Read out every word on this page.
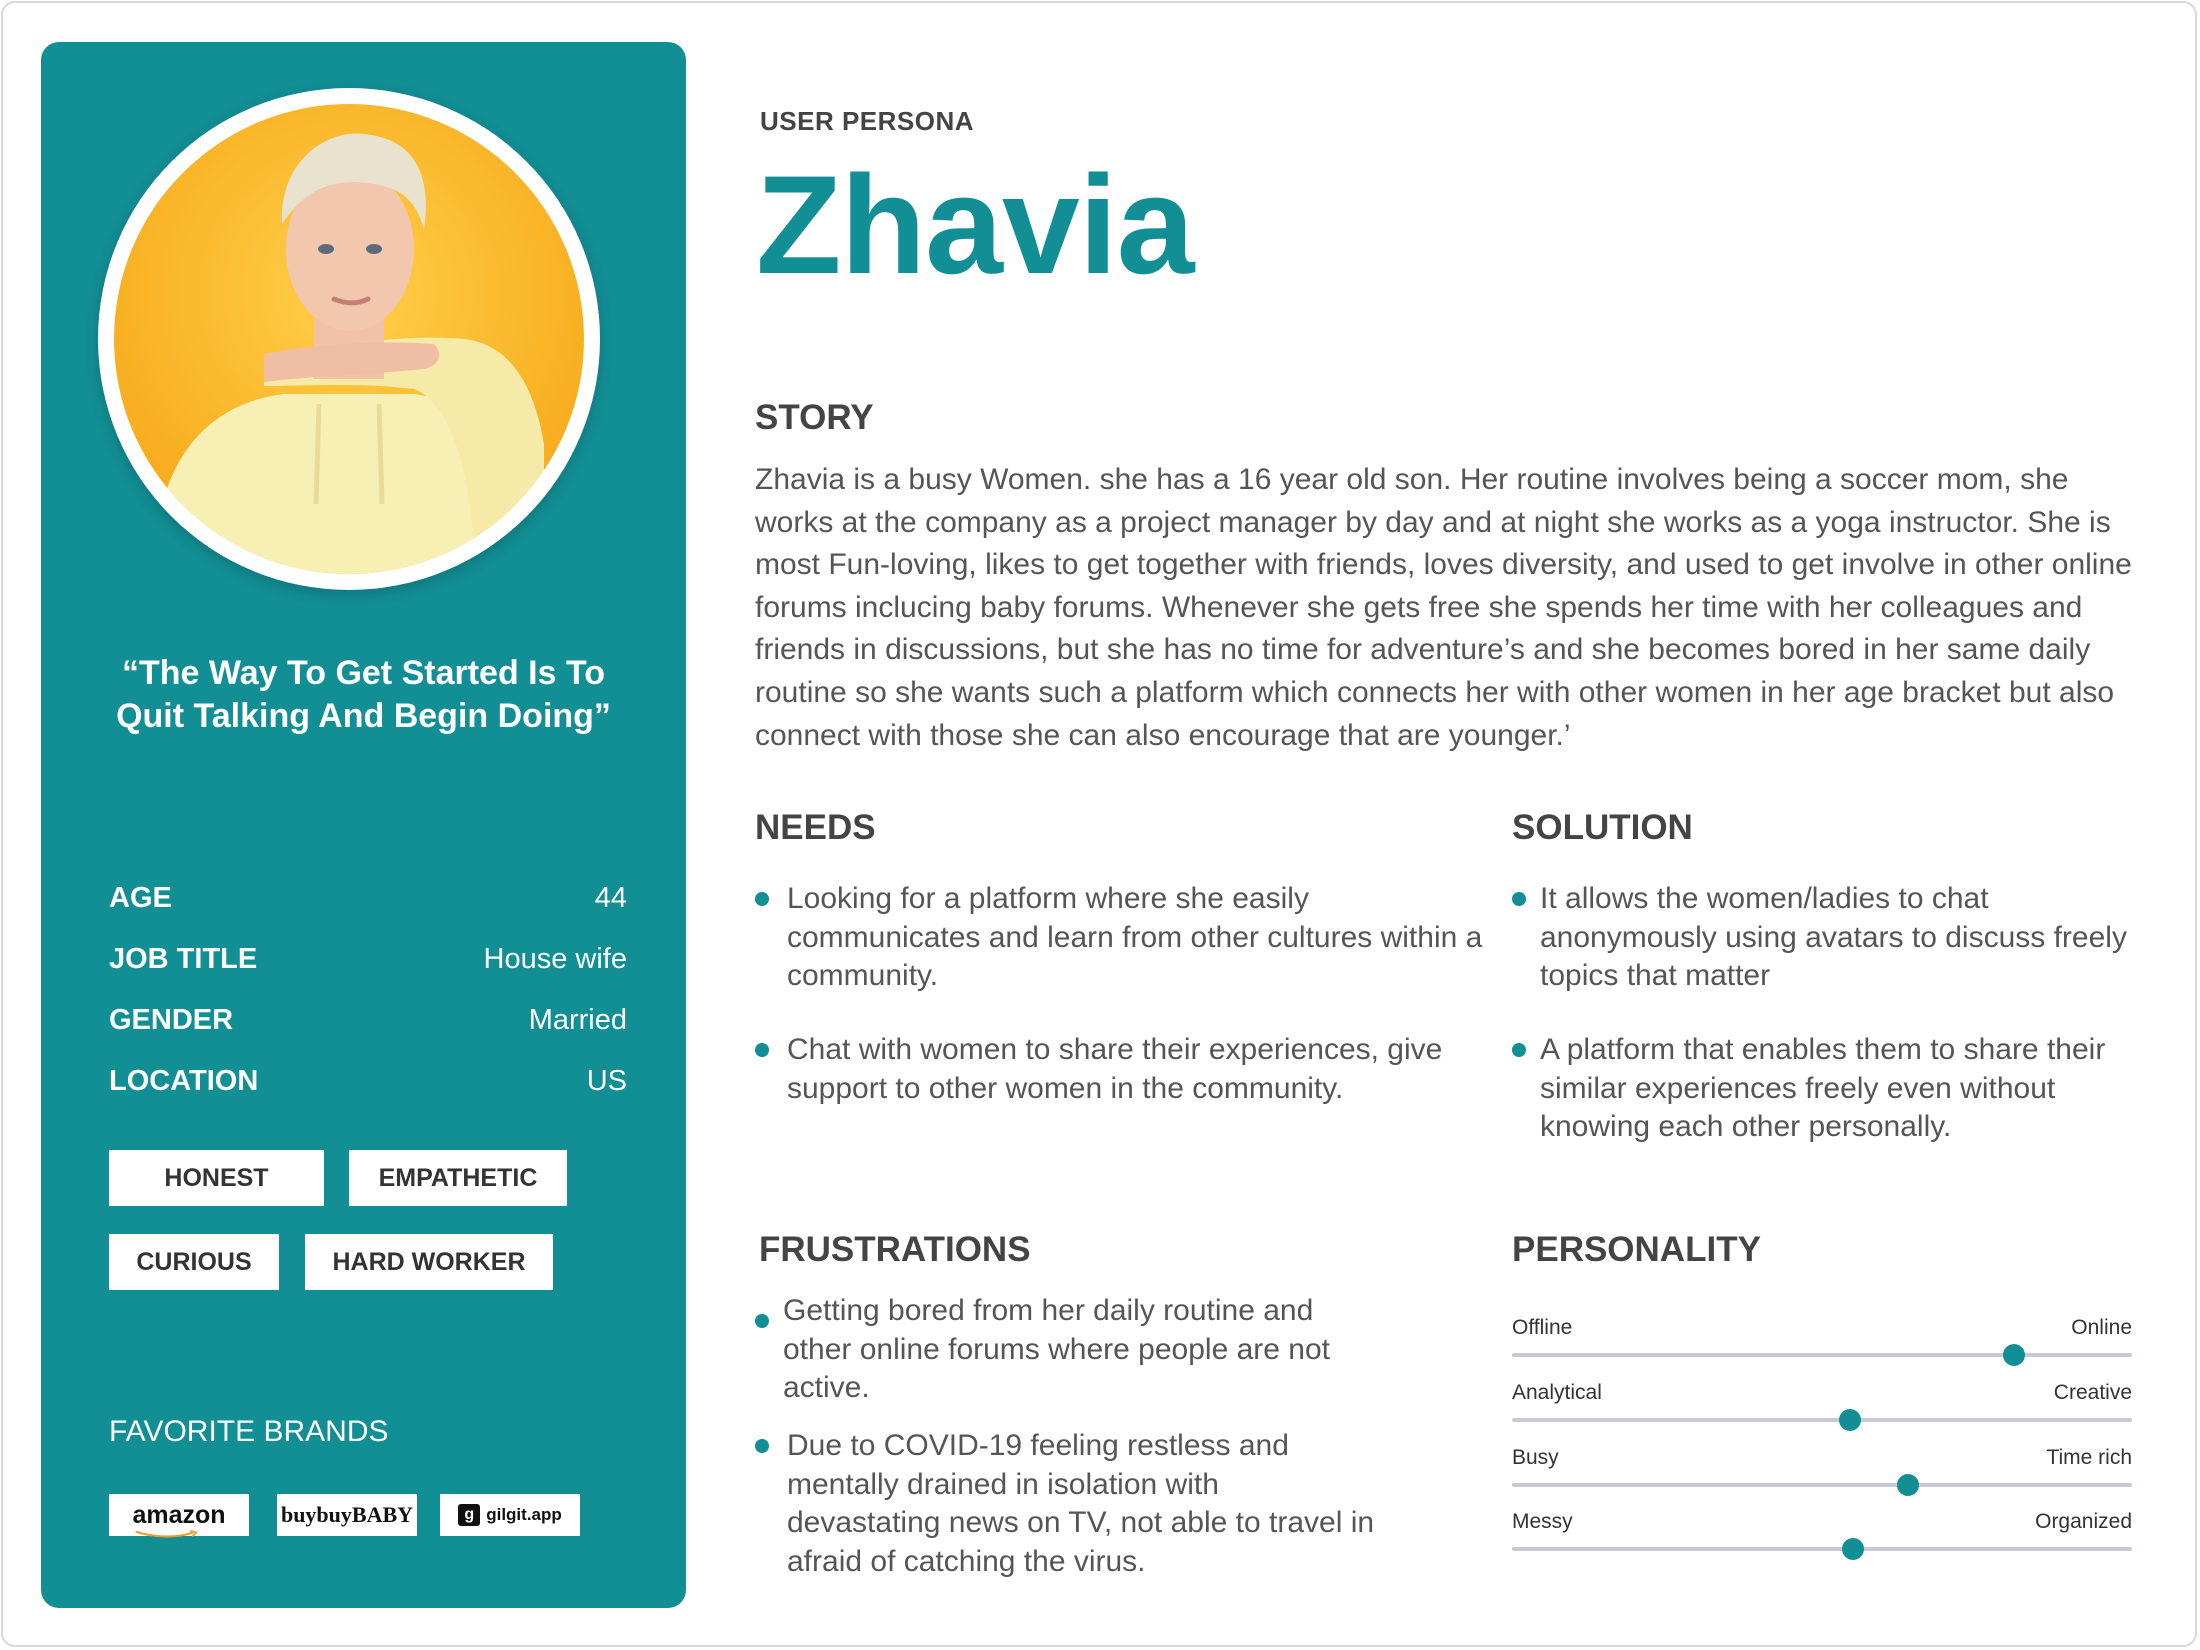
“The Way To Get Started Is To Quit Talking And Begin Doing”
AGE	44
JOB TITLE	House wife
GENDER	Married
LOCATION	US
HONEST	EMPATHETIC
CURIOUS	HARD WORKER
FAVORITE BRANDS
amazon	buybuyBABY	g gilgit.app
USER PERSONA
Zhavia
STORY
Zhavia is a busy Women. she has a 16 year old son. Her routine involves being a soccer mom, she works at the company as a project manager by day and at night she works as a yoga instructor. She is most Fun-loving, likes to get together with friends, loves diversity, and used to get involve in other online forums inclucing baby forums. Whenever she gets free she spends her time with her colleagues and friends in discussions, but she has no time for adventure’s and she becomes bored in her same daily routine so she wants such a platform which connects her with other women in her age bracket but also connect with those she can also encourage that are younger.’
NEEDS
Looking for a platform where she easily communicates and learn from other cultures within a community.
Chat with women to share their experiences, give support to other women in the community.
SOLUTION
It allows the women/ladies to chat anonymously using avatars to discuss freely topics that matter
A platform that enables them to share their similar experiences freely even without knowing each other personally.
FRUSTRATIONS
Getting bored from her daily routine and other online forums where people are not active.
Due to COVID-19 feeling restless and mentally drained in isolation with devastating news on TV, not able to travel in afraid of catching the virus.
PERSONALITY
Offline	Online
Analytical	Creative
Busy	Time rich
Messy	Organized
